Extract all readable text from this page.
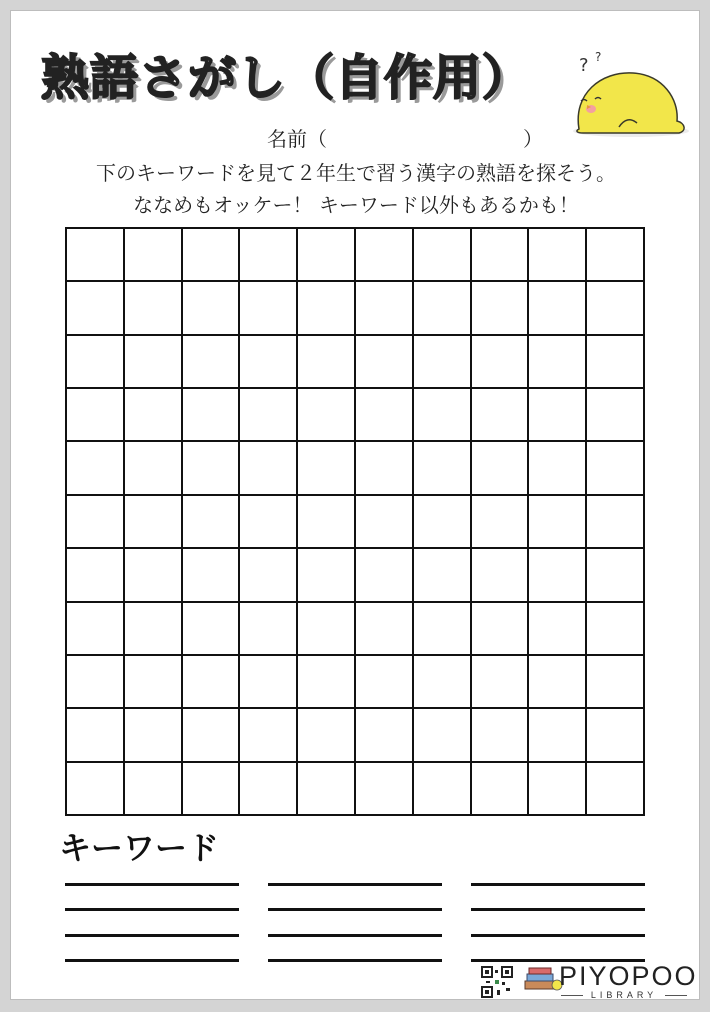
熟語さがし（自作用）	? ?
名前（	）
下のキーワードを見て２年生で習う漢字の熟語を探そう。
ななめもオッケー！ キーワード以外もあるかも！
キーワード
PIYOPOO
LIBRARY
